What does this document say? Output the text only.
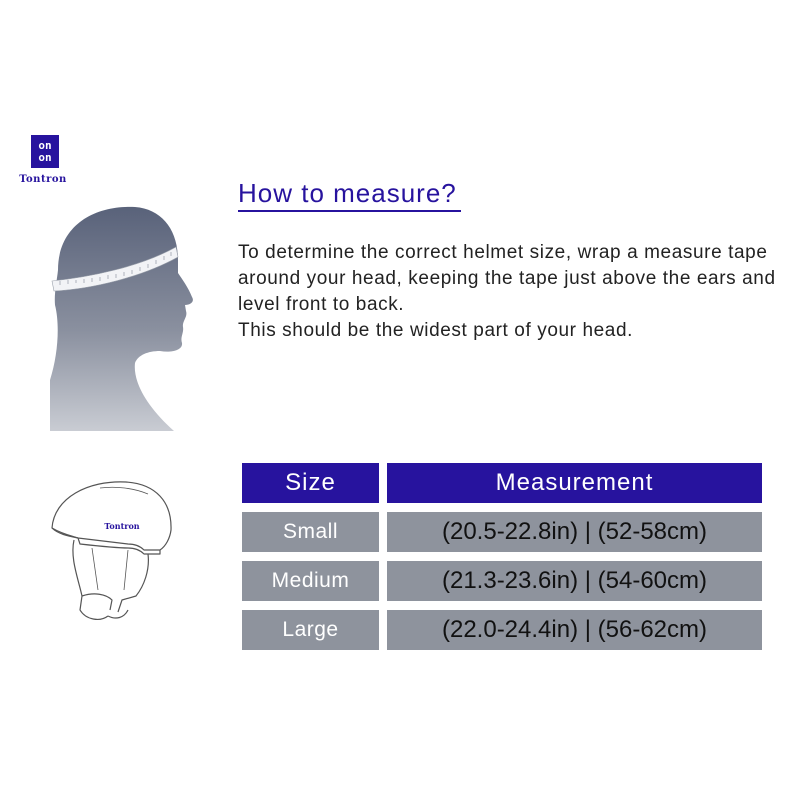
on
on
Tontron
Tontron
How to measure?

To determine the correct helmet size, wrap a measure tape around your head, keeping the tape just above the ears and level front to back.

This should be the widest part of your head.

Size	Measurement
Small	(20.5-22.8in) | (52-58cm)
Medium	(21.3-23.6in) | (54-60cm)
Large	(22.0-24.4in) | (56-62cm)
